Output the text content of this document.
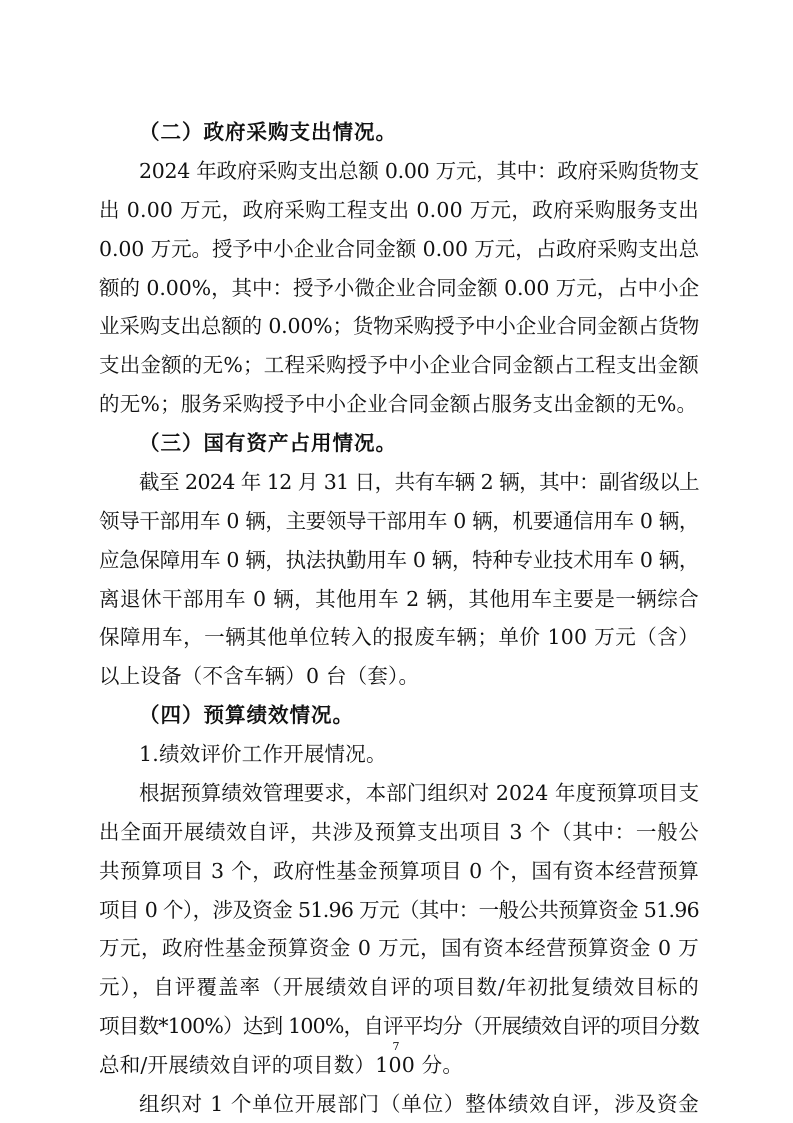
（二）政府采购支出情况。
2024 年政府采购支出总额 0.00 万元，其中：政府采购货物支
出 0.00 万元，政府采购工程支出 0.00 万元，政府采购服务支出
0.00 万元。授予中小企业合同金额 0.00 万元，占政府采购支出总
额的 0.00%，其中：授予小微企业合同金额 0.00 万元，占中小企
业采购支出总额的 0.00%；货物采购授予中小企业合同金额占货物
支出金额的无%；工程采购授予中小企业合同金额占工程支出金额
的无%；服务采购授予中小企业合同金额占服务支出金额的无%。
（三）国有资产占用情况。
截至 2024 年 12 月 31 日，共有车辆 2 辆，其中：副省级以上
领导干部用车 0 辆，主要领导干部用车 0 辆，机要通信用车 0 辆，
应急保障用车 0 辆，执法执勤用车 0 辆，特种专业技术用车 0 辆，
离退休干部用车 0 辆，其他用车 2 辆，其他用车主要是一辆综合
保障用车，一辆其他单位转入的报废车辆；单价 100 万元（含）
以上设备（不含车辆）0 台（套）。
（四）预算绩效情况。
1.绩效评价工作开展情况。
根据预算绩效管理要求，本部门组织对 2024 年度预算项目支
出全面开展绩效自评，共涉及预算支出项目 3 个（其中：一般公
共预算项目 3 个，政府性基金预算项目 0 个，国有资本经营预算
项目 0 个），涉及资金 51.96 万元（其中：一般公共预算资金 51.96
万元，政府性基金预算资金 0 万元，国有资本经营预算资金 0 万
元），自评覆盖率（开展绩效自评的项目数/年初批复绩效目标的
项目数*100%）达到 100%，自评平均分（开展绩效自评的项目分数
总和/开展绩效自评的项目数）100 分。
组织对 1 个单位开展部门（单位）整体绩效自评，涉及资金
7
